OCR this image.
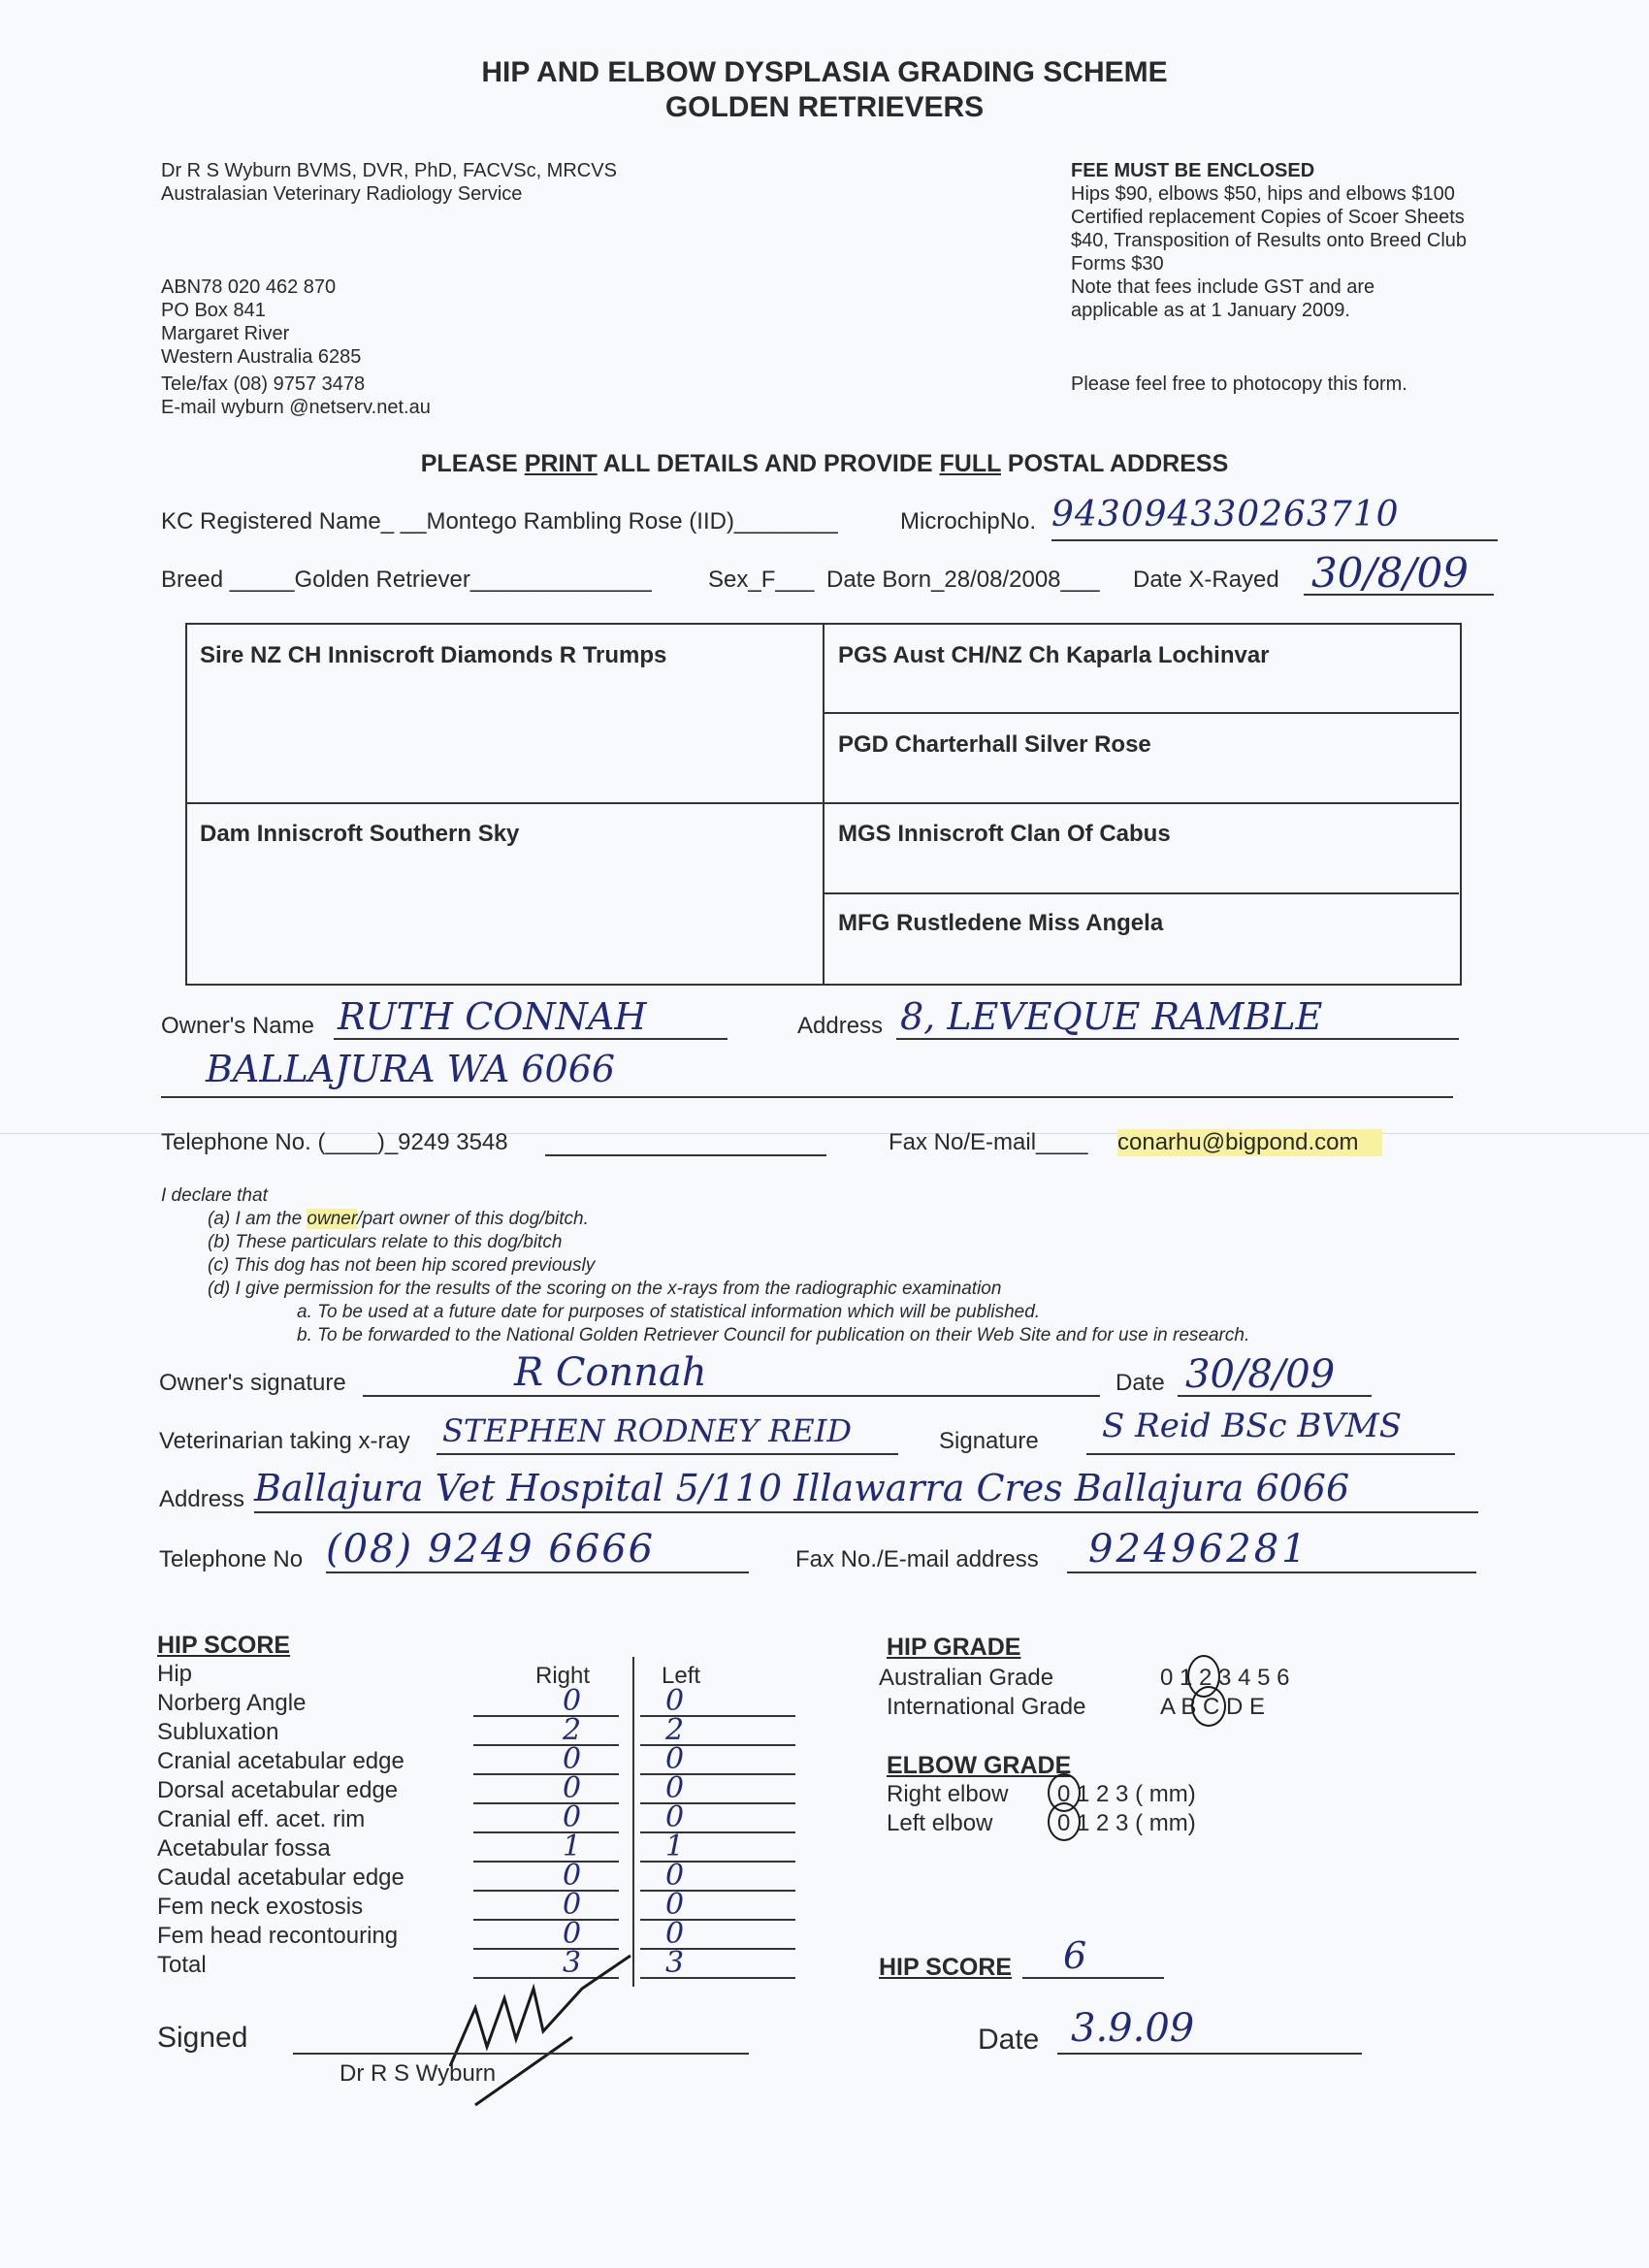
HIP AND ELBOW DYSPLASIA GRADING SCHEME
GOLDEN RETRIEVERS
Dr R S Wyburn BVMS, DVR, PhD, FACVSc, MRCVS
Australasian Veterinary Radiology Service
ABN78 020 462 870
PO Box 841
Margaret River
Western Australia 6285
Tele/fax (08) 9757 3478
E-mail wyburn @netserv.net.au
FEE MUST BE ENCLOSED
Hips $90, elbows $50, hips and elbows $100
Certified replacement Copies of Scoer Sheets
$40, Transposition of Results onto Breed Club
Forms $30
Note that fees include GST and are
applicable as at 1 January 2009.
Please feel free to photocopy this form.
PLEASE PRINT ALL DETAILS AND PROVIDE FULL POSTAL ADDRESS
KC Registered Name_ __Montego Rambling Rose (IID)________	MicrochipNo. 943094330263710
Breed _____Golden Retriever______________ Sex_F___ Date Born_28/08/2008___ Date X-Rayed 30/8/09
Sire NZ CH Inniscroft Diamonds R Trumps	PGS Aust CH/NZ Ch Kaparla Lochinvar
PGD Charterhall Silver Rose
Dam Inniscroft Southern Sky	MGS Inniscroft Clan Of Cabus
MFG Rustledene Miss Angela
Owner's Name RUTH CONNAH	Address 8, LEVEQUE RAMBLE
BALLAJURA WA 6066
Telephone No. (____)_9249 3548	Fax No/E-mail____ conarhu@bigpond.com
I declare that
(a) I am the owner/part owner of this dog/bitch.
(b) These particulars relate to this dog/bitch
(c) This dog has not been hip scored previously
(d) I give permission for the results of the scoring on the x-rays from the radiographic examination
a. To be used at a future date for purposes of statistical information which will be published.
b. To be forwarded to the National Golden Retriever Council for publication on their Web Site and for use in research.
Owner's signature	R Connah	Date 30/8/09
Veterinarian taking x-ray STEPHEN RODNEY REID	Signature S Reid BSc BVMS
Address Ballajura Vet Hospital 5/110 Illawarra Cres Ballajura 6066
Telephone No (08) 9249 6666	Fax No./E-mail address 92496281
HIP SCORE
Hip	Right	Left
Norberg Angle	0	0
Subluxation	2	2
Cranial acetabular edge	0	0
Dorsal acetabular edge	0	0
Cranial eff. acet. rim	0	0
Acetabular fossa	1	1
Caudal acetabular edge	0	0
Fem neck exostosis	0	0
Fem head recontouring	0	0
Total	3	3
HIP GRADE
Australian Grade	0 1 2 3 4 5 6
International Grade	A B C D E
ELBOW GRADE
Right elbow 0 1 2 3 ( mm)
Left elbow	0 1 2 3 ( mm)
HIP SCORE 6
Signed
Dr R S Wyburn
Date 3.9.09
